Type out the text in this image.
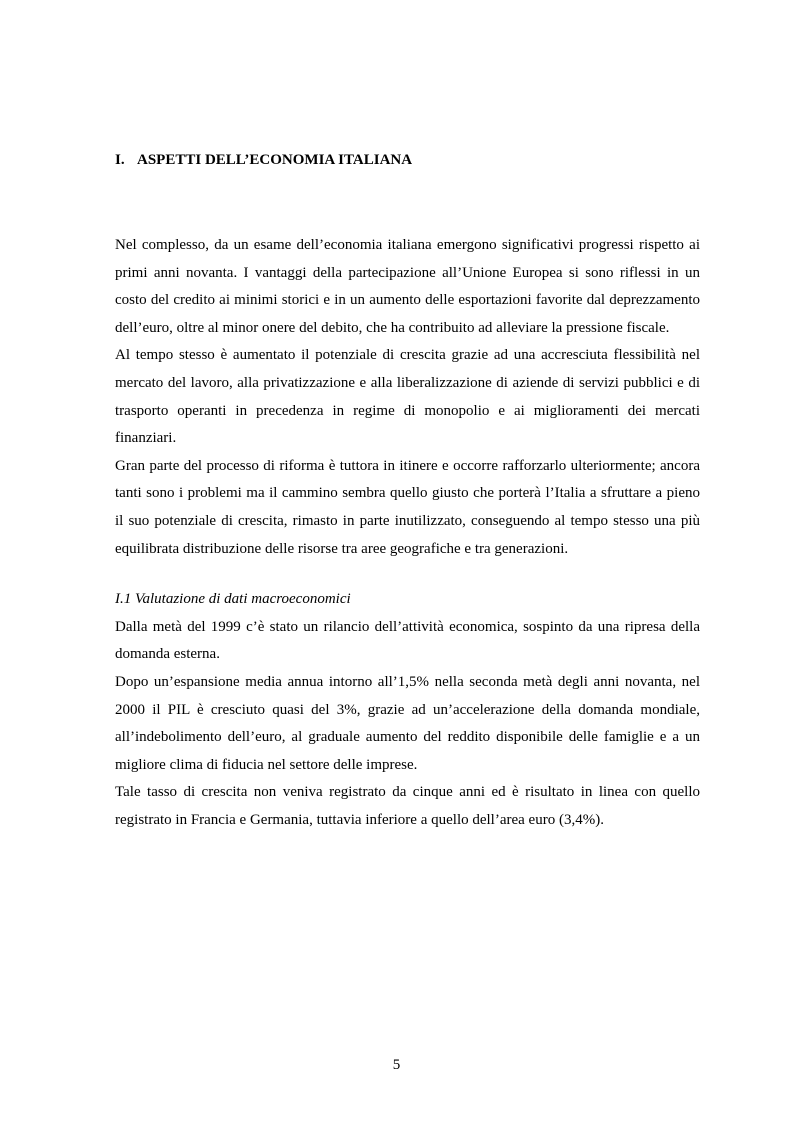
I. ASPETTI DELL’ECONOMIA ITALIANA

Nel complesso, da un esame dell’economia italiana emergono significativi progressi rispetto ai primi anni novanta. I vantaggi della partecipazione all’Unione Europea si sono riflessi in un costo del credito ai minimi storici e in un aumento delle esportazioni favorite dal deprezzamento dell’euro, oltre al minor onere del debito, che ha contribuito ad alleviare la pressione fiscale.

Al tempo stesso è aumentato il potenziale di crescita grazie ad una accresciuta flessibilità nel mercato del lavoro, alla privatizzazione e alla liberalizzazione di aziende di servizi pubblici e di trasporto operanti in precedenza in regime di monopolio e ai miglioramenti dei mercati finanziari.

Gran parte del processo di riforma è tuttora in itinere e occorre rafforzarlo ulteriormente; ancora tanti sono i problemi ma il cammino sembra quello giusto che porterà l’Italia a sfruttare a pieno il suo potenziale di crescita, rimasto in parte inutilizzato, conseguendo al tempo stesso una più equilibrata distribuzione delle risorse tra aree geografiche e tra generazioni.

I.1 Valutazione di dati macroeconomici

Dalla metà del 1999 c’è stato un rilancio dell’attività economica, sospinto da una ripresa della domanda esterna.

Dopo un’espansione media annua intorno all’1,5% nella seconda metà degli anni novanta, nel 2000 il PIL è cresciuto quasi del 3%, grazie ad un’accelerazione della domanda mondiale, all’indebolimento dell’euro, al graduale aumento del reddito disponibile delle famiglie e a un migliore clima di fiducia nel settore delle imprese.

Tale tasso di crescita non veniva registrato da cinque anni ed è risultato in linea con quello registrato in Francia e Germania, tuttavia inferiore a quello dell’area euro (3,4%).

5
